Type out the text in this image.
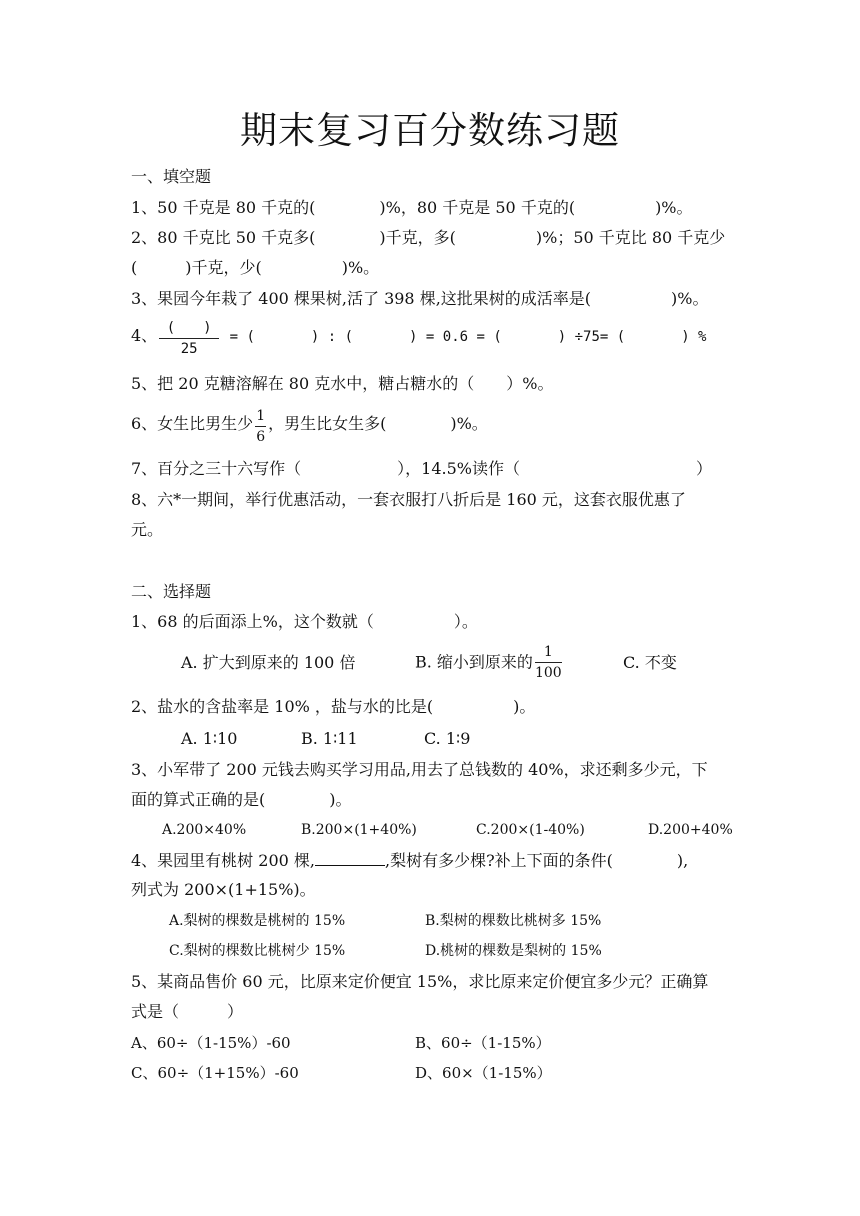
期末复习百分数练习题
一、填空题
1、50 千克是 80 千克的(　　　　)%，80 千克是 50 千克的(　　　　　)%。
2、80 千克比 50 千克多(　　　　)千克，多(　　　　　)%；50 千克比 80 千克少
(　　　)千克，少(　　　　　)%。
3、果园今年栽了 400 棵果树,活了 398 棵,这批果树的成活率是(　　　　　)%。
4、 $\frac{( )}{25}$ = (　　　　) : (　　　　) = 0.6 = (　　　　) ÷75= (　　　　) %
5、把 20 克糖溶解在 80 克水中，糖占糖水的（　　）%。
6、女生比男生少 $\frac{1}{6}$ ，男生比女生多(　　　　)%。
7、百分之三十六写作（　　　　　　），14.5%读作（　　　　　　　　　　　）
8、六*一期间，举行优惠活动，一套衣服打八折后是 160 元，这套衣服优惠了
元。
二、选择题
1、68 的后面添上%，这个数就（　　　　　）。
A. 扩大到原来的 100 倍	B. 缩小到原来的 $\frac{1}{100}$	C. 不变
2、盐水的含盐率是 10% ，盐与水的比是(　　　　　)。
A. 1∶10	B. 1∶11	C. 1∶9
3、小军带了 200 元钱去购买学习用品,用去了总钱数的 40%，求还剩多少元，下
面的算式正确的是(　　　　)。
A.200×40%	B.200×(1+40%)	C.200×(1-40%)	D.200+40%
4、果园里有桃树 200 棵,	,梨树有多少棵?补上下面的条件(　　　　),
列式为 200×(1+15%)。
A.梨树的棵数是桃树的 15%	B.梨树的棵数比桃树多 15%
C.梨树的棵数比桃树少 15%	D.桃树的棵数是梨树的 15%
5、某商品售价 60 元，比原来定价便宜 15%，求比原来定价便宜多少元？正确算
式是（　　　）
A、60÷（1-15%）-60	B、60÷（1-15%）
C、60÷（1+15%）-60	D、60×（1-15%）
